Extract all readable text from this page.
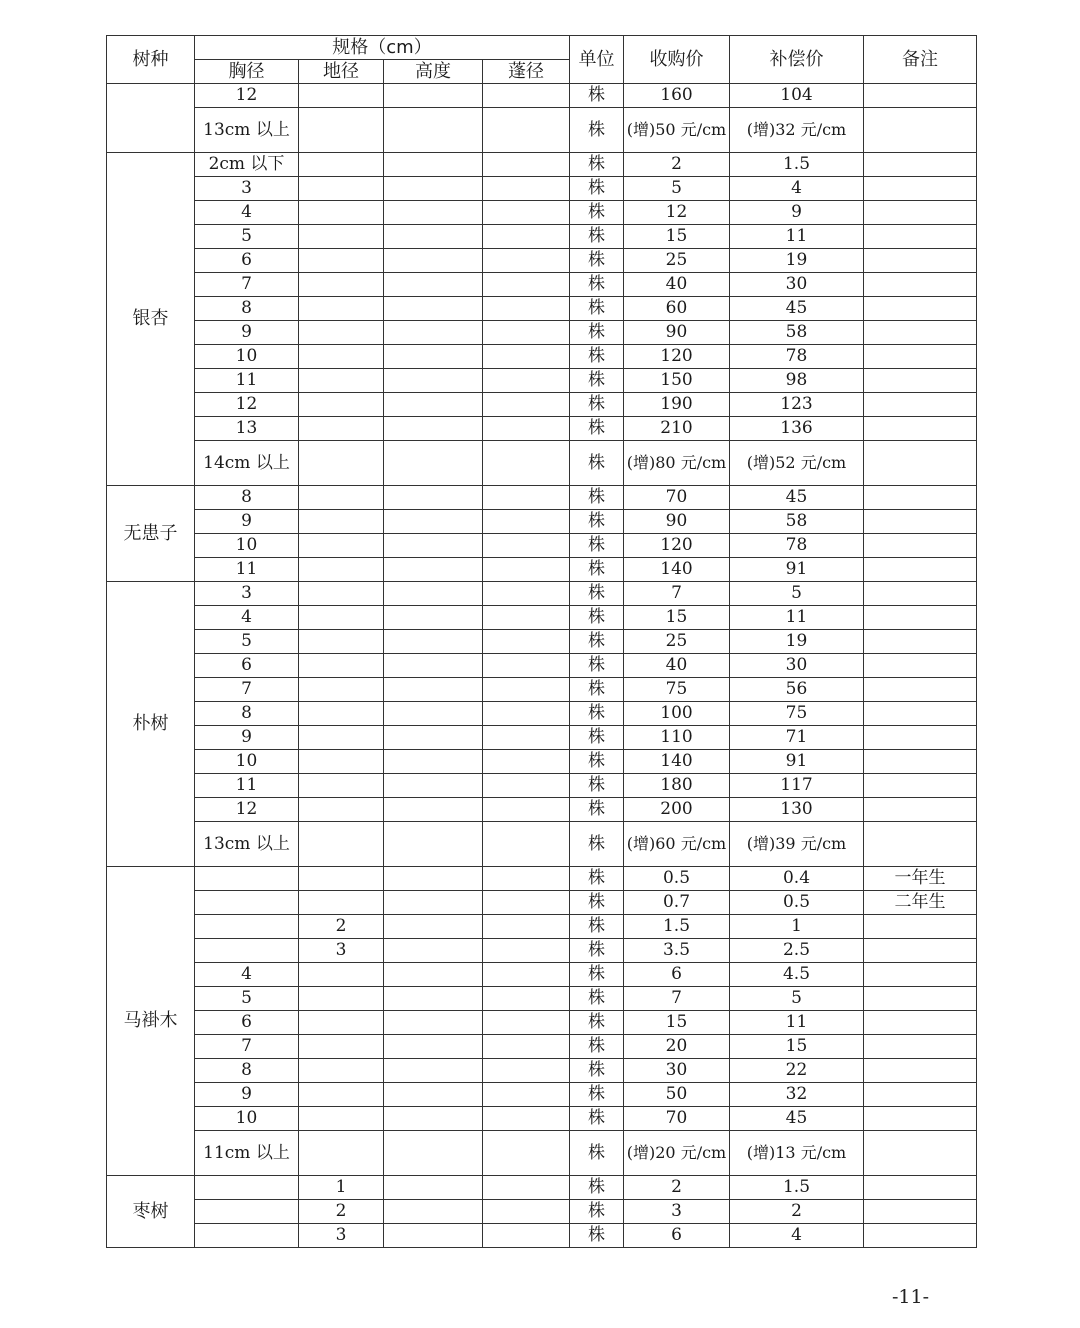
树种	规格（cm）				单位	收购价	补偿价	备注
	胸径	地径	高度	蓬径				
	12				株	160	104	
	13cm 以上				株	(增)50 元/cm	(增)32 元/cm	
银杏	2cm 以下				株	2	1.5	
	3				株	5	4	
	4				株	12	9	
	5				株	15	11	
	6				株	25	19	
	7				株	40	30	
	8				株	60	45	
	9				株	90	58	
	10				株	120	78	
	11				株	150	98	
	12				株	190	123	
	13				株	210	136	
	14cm 以上				株	(增)80 元/cm	(增)52 元/cm	
无患子	8				株	70	45	
	9				株	90	58	
	10				株	120	78	
	11				株	140	91	
朴树	3				株	7	5	
	4				株	15	11	
	5				株	25	19	
	6				株	40	30	
	7				株	75	56	
	8				株	100	75	
	9				株	110	71	
	10				株	140	91	
	11				株	180	117	
	12				株	200	130	
	13cm 以上				株	(增)60 元/cm	(增)39 元/cm	
马褂木					株	0.5	0.4	一年生
					株	0.7	0.5	二年生
		2			株	1.5	1	
		3			株	3.5	2.5	
	4				株	6	4.5	
	5				株	7	5	
	6				株	15	11	
	7				株	20	15	
	8				株	30	22	
	9				株	50	32	
	10				株	70	45	
	11cm 以上				株	(增)20 元/cm	(增)13 元/cm	
枣树		1			株	2	1.5	
		2			株	3	2	
		3			株	6	4	
-11-
